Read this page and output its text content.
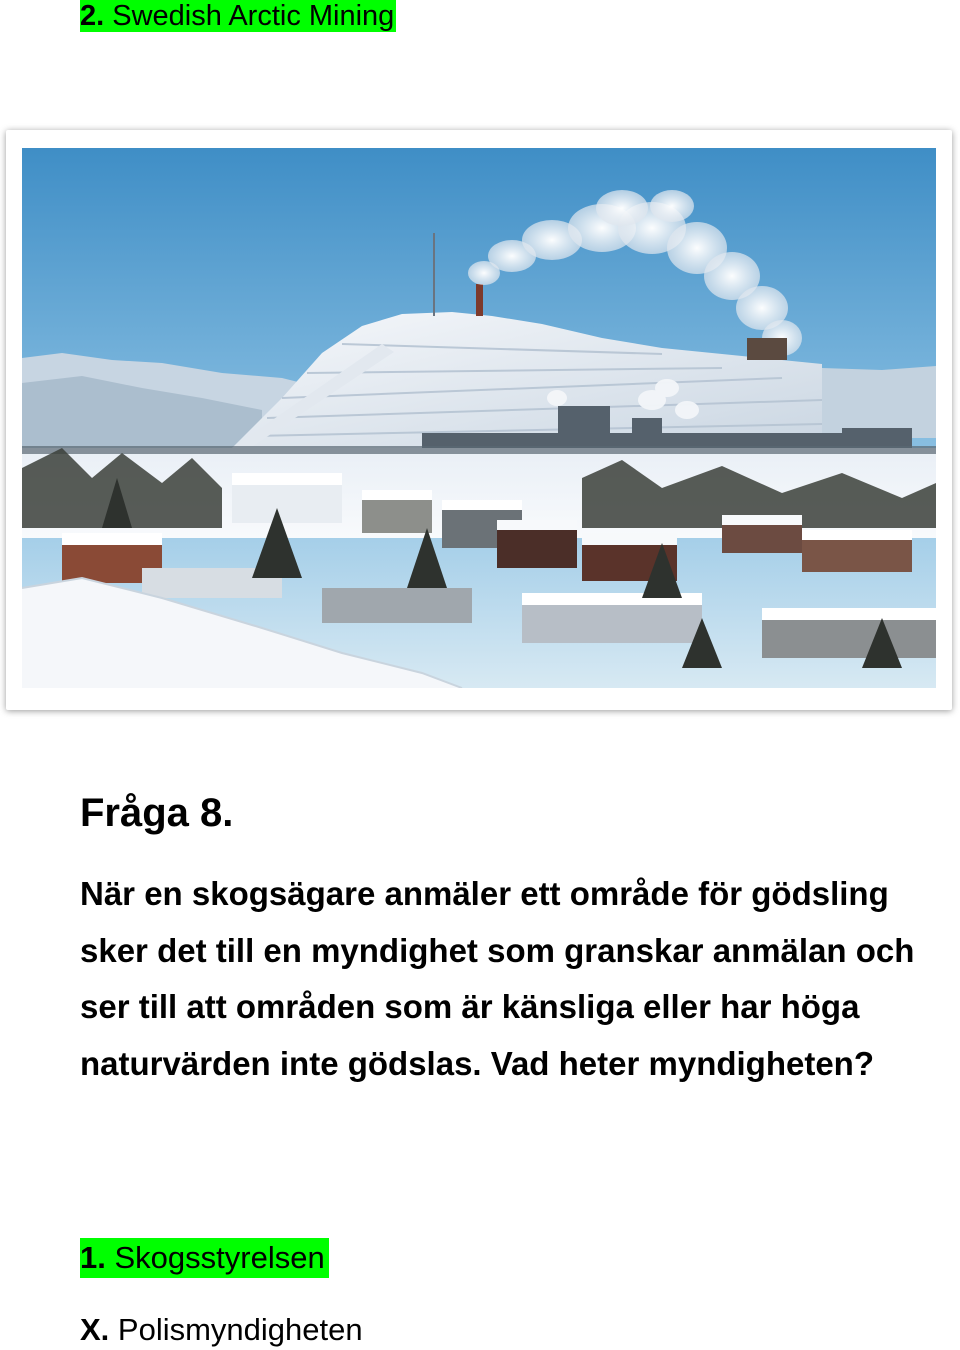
2. Swedish Arctic Mining
Fråga 8.

När en skogsägare anmäler ett område för gödsling sker det till en myndighet som granskar anmälan och ser till att områden som är känsliga eller har höga naturvärden inte gödslas. Vad heter myndigheten?

1. Skogsstyrelsen
X. Polismyndigheten
